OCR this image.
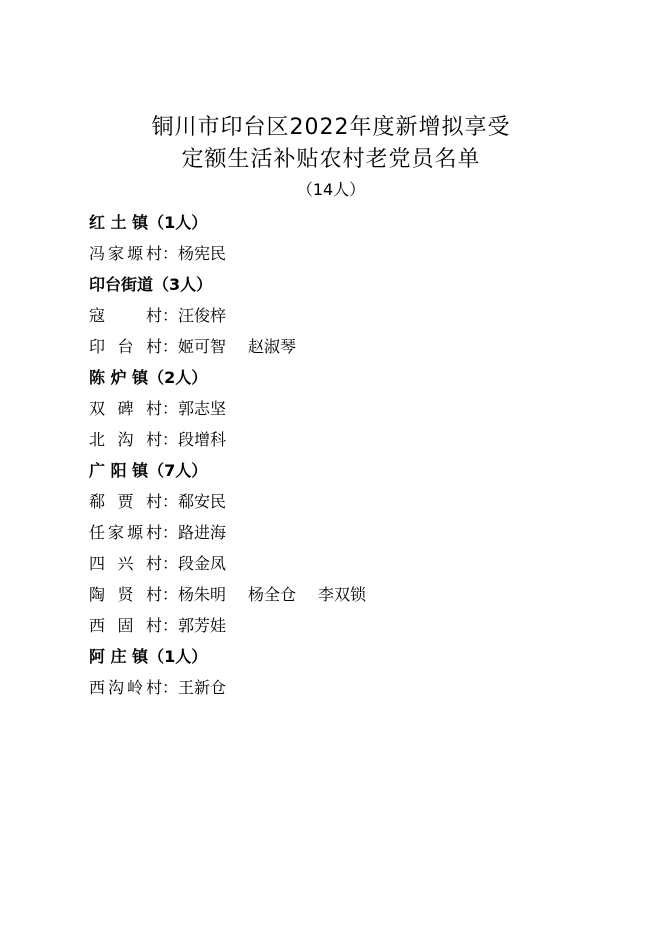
铜川市印台区2022年度新增拟享受
定额生活补贴农村老党员名单
（14人）
红 土 镇（1人）
冯家塬村：杨宪民
印台街道（3人）
寇村：汪俊梓
印台村：姬可智 赵淑琴
陈 炉 镇（2人）
双碑村：郭志坚
北沟村：段增科
广 阳 镇（7人）
郗贾村：郗安民
任家塬村：路进海
四兴村：段金凤
陶贤村：杨朱明 杨全仓 李双锁
西固村：郭芳娃
阿 庄 镇（1人）
西沟岭村：王新仓
